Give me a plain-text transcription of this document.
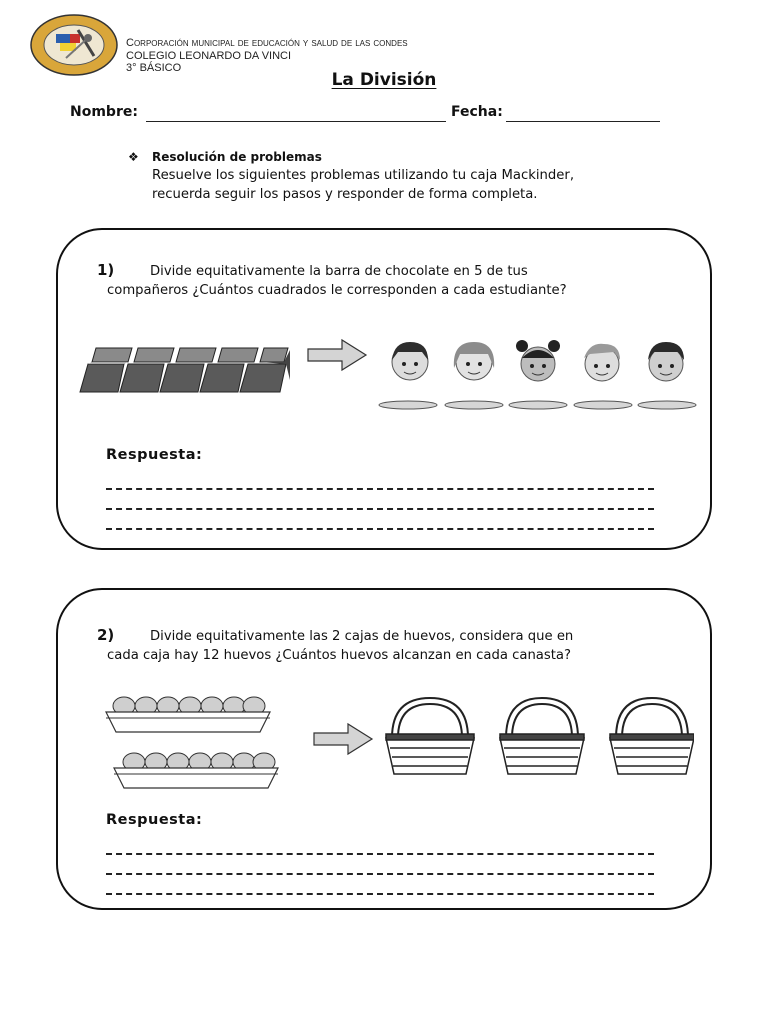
Corporación municipal de educación y salud de las condes
COLEGIO LEONARDO DA VINCI
3° BÁSICO
La División
Nombre:	Fecha:
❖ Resolución de problemas
Resuelve los siguientes problemas utilizando tu caja Mackinder,
recuerda seguir los pasos y responder de forma completa.
1)	Divide equitativamente la barra de chocolate en 5 de tus
compañeros ¿Cuántos cuadrados le corresponden a cada estudiante?
Respuesta:
2)	Divide equitativamente las 2 cajas de huevos, considera que en
cada caja hay 12 huevos ¿Cuántos huevos alcanzan en cada canasta?
Respuesta:
